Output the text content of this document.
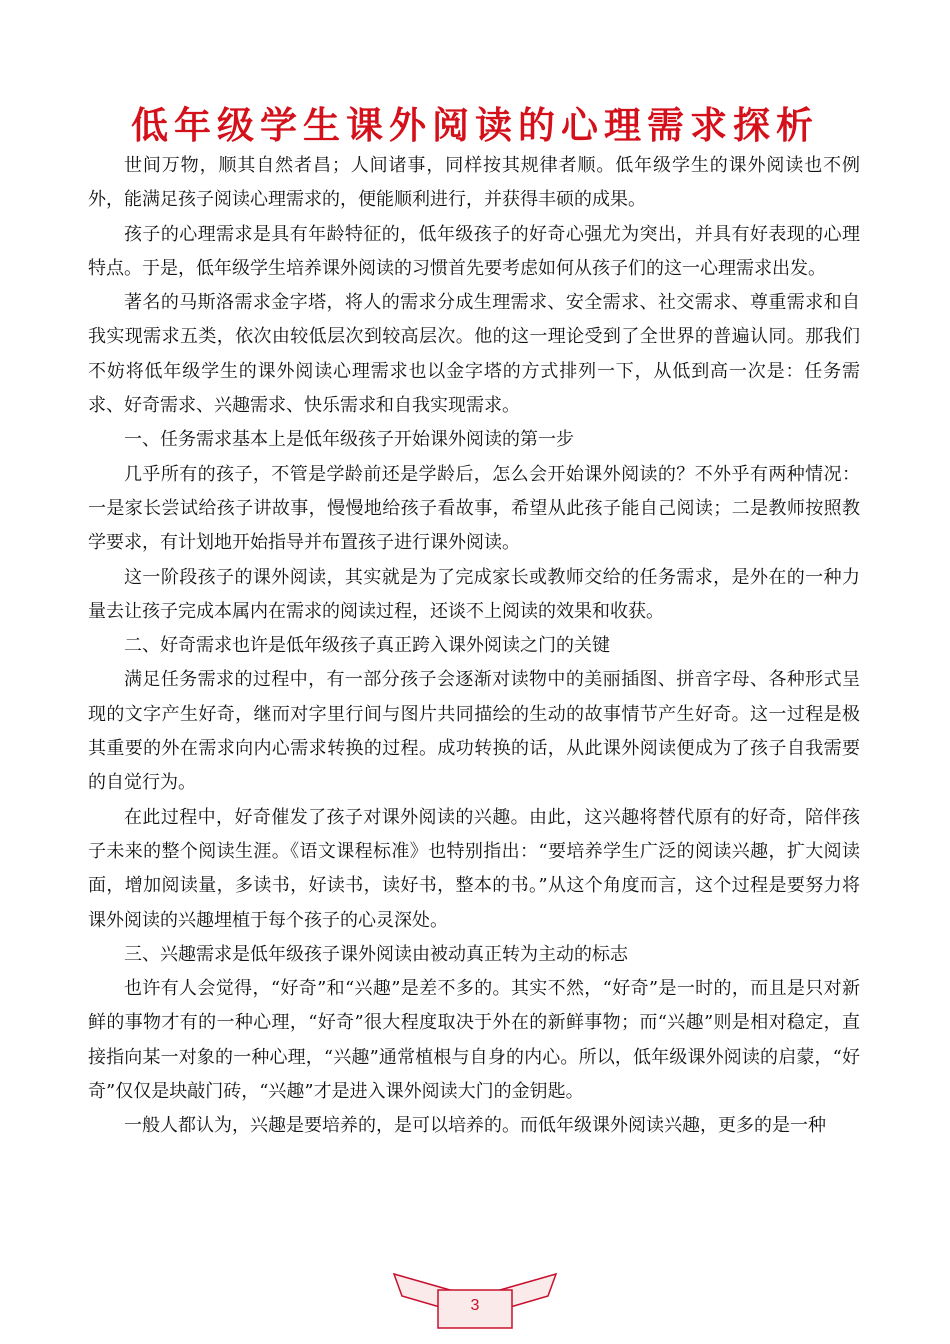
低年级学生课外阅读的心理需求探析

世间万物，顺其自然者昌；人间诸事，同样按其规律者顺。低年级学生的课外阅读也不例外，能满足孩子阅读心理需求的，便能顺利进行，并获得丰硕的成果。

孩子的心理需求是具有年龄特征的，低年级孩子的好奇心强尤为突出，并具有好表现的心理特点。于是，低年级学生培养课外阅读的习惯首先要考虑如何从孩子们的这一心理需求出发。

著名的马斯洛需求金字塔，将人的需求分成生理需求、安全需求、社交需求、尊重需求和自我实现需求五类，依次由较低层次到较高层次。他的这一理论受到了全世界的普遍认同。那我们不妨将低年级学生的课外阅读心理需求也以金字塔的方式排列一下，从低到高一次是：任务需求、好奇需求、兴趣需求、快乐需求和自我实现需求。

一、任务需求基本上是低年级孩子开始课外阅读的第一步

几乎所有的孩子，不管是学龄前还是学龄后，怎么会开始课外阅读的？不外乎有两种情况：一是家长尝试给孩子讲故事，慢慢地给孩子看故事，希望从此孩子能自己阅读；二是教师按照教学要求，有计划地开始指导并布置孩子进行课外阅读。

这一阶段孩子的课外阅读，其实就是为了完成家长或教师交给的任务需求，是外在的一种力量去让孩子完成本属内在需求的阅读过程，还谈不上阅读的效果和收获。

二、好奇需求也许是低年级孩子真正跨入课外阅读之门的关键

满足任务需求的过程中，有一部分孩子会逐渐对读物中的美丽插图、拼音字母、各种形式呈现的文字产生好奇，继而对字里行间与图片共同描绘的生动的故事情节产生好奇。这一过程是极其重要的外在需求向内心需求转换的过程。成功转换的话，从此课外阅读便成为了孩子自我需要的自觉行为。

在此过程中，好奇催发了孩子对课外阅读的兴趣。由此，这兴趣将替代原有的好奇，陪伴孩子未来的整个阅读生涯。《语文课程标准》也特别指出：“要培养学生广泛的阅读兴趣，扩大阅读面，增加阅读量，多读书，好读书，读好书，整本的书。”从这个角度而言，这个过程是要努力将课外阅读的兴趣埋植于每个孩子的心灵深处。

三、兴趣需求是低年级孩子课外阅读由被动真正转为主动的标志

也许有人会觉得，“好奇”和“兴趣”是差不多的。其实不然，“好奇”是一时的，而且是只对新鲜的事物才有的一种心理，“好奇”很大程度取决于外在的新鲜事物；而“兴趣”则是相对稳定，直接指向某一对象的一种心理，“兴趣”通常植根与自身的内心。所以，低年级课外阅读的启蒙，“好奇”仅仅是块敲门砖，“兴趣”才是进入课外阅读大门的金钥匙。

一般人都认为，兴趣是要培养的，是可以培养的。而低年级课外阅读兴趣，更多的是一种

3
